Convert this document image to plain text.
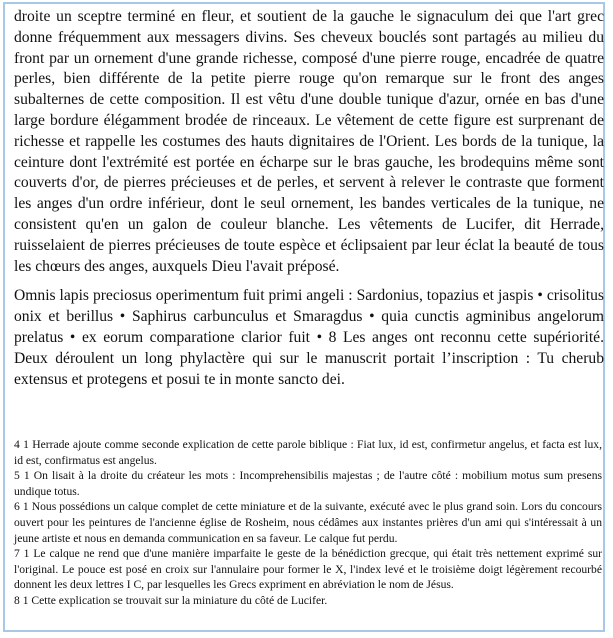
droite un sceptre terminé en fleur, et soutient de la gauche le signaculum dei que l'art grec donne fréquemment aux messagers divins. Ses cheveux bouclés sont partagés au milieu du front par un ornement d'une grande richesse, composé d'une pierre rouge, encadrée de quatre perles, bien différente de la petite pierre rouge qu'on remarque sur le front des anges subalternes de cette composition. Il est vêtu d'une double tunique d'azur, ornée en bas d'une large bordure élégamment brodée de rinceaux. Le vêtement de cette figure est surprenant de richesse et rappelle les costumes des hauts dignitaires de l'Orient. Les bords de la tunique, la ceinture dont l'extrémité est portée en écharpe sur le bras gauche, les brodequins même sont couverts d'or, de pierres précieuses et de perles, et servent à relever le contraste que forment les anges d'un ordre inférieur, dont le seul ornement, les bandes verticales de la tunique, ne consistent qu'en un galon de couleur blanche. Les vêtements de Lucifer, dit Herrade, ruisselaient de pierres précieuses de toute espèce et éclipsaient par leur éclat la beauté de tous les chœurs des anges, auxquels Dieu l'avait préposé.

Omnis lapis preciosus operimentum fuit primi angeli : Sardonius, topazius et jaspis • crisolitus onix et berillus • Saphirus carbunculus et Smaragdus • quia cunctis agminibus angelorum prelatus • ex eorum comparatione clarior fuit • 8 Les anges ont reconnu cette supériorité. Deux déroulent un long phylactère qui sur le manuscrit portait l’inscription : Tu cherub extensus et protegens et posui te in monte sancto dei.

4 1 Herrade ajoute comme seconde explication de cette parole biblique : Fiat lux, id est, confirmetur angelus, et facta est lux, id est, confirmatus est angelus.

5 1 On lisait à la droite du créateur les mots : Incomprehensibilis majestas ; de l'autre côté : mobilium motus sum presens undique totus.

6 1 Nous possédions un calque complet de cette miniature et de la suivante, exécuté avec le plus grand soin. Lors du concours ouvert pour les peintures de l'ancienne église de Rosheim, nous cédâmes aux instantes prières d'un ami qui s'intéressait à un jeune artiste et nous en demanda communication en sa faveur. Le calque fut perdu.

7 1 Le calque ne rend que d'une manière imparfaite le geste de la bénédiction grecque, qui était très nettement exprimé sur l'original. Le pouce est posé en croix sur l'annulaire pour former le X, l'index levé et le troisième doigt légèrement recourbé donnent les deux lettres I C, par lesquelles les Grecs expriment en abréviation le nom de Jésus.

8 1 Cette explication se trouvait sur la miniature du côté de Lucifer.
